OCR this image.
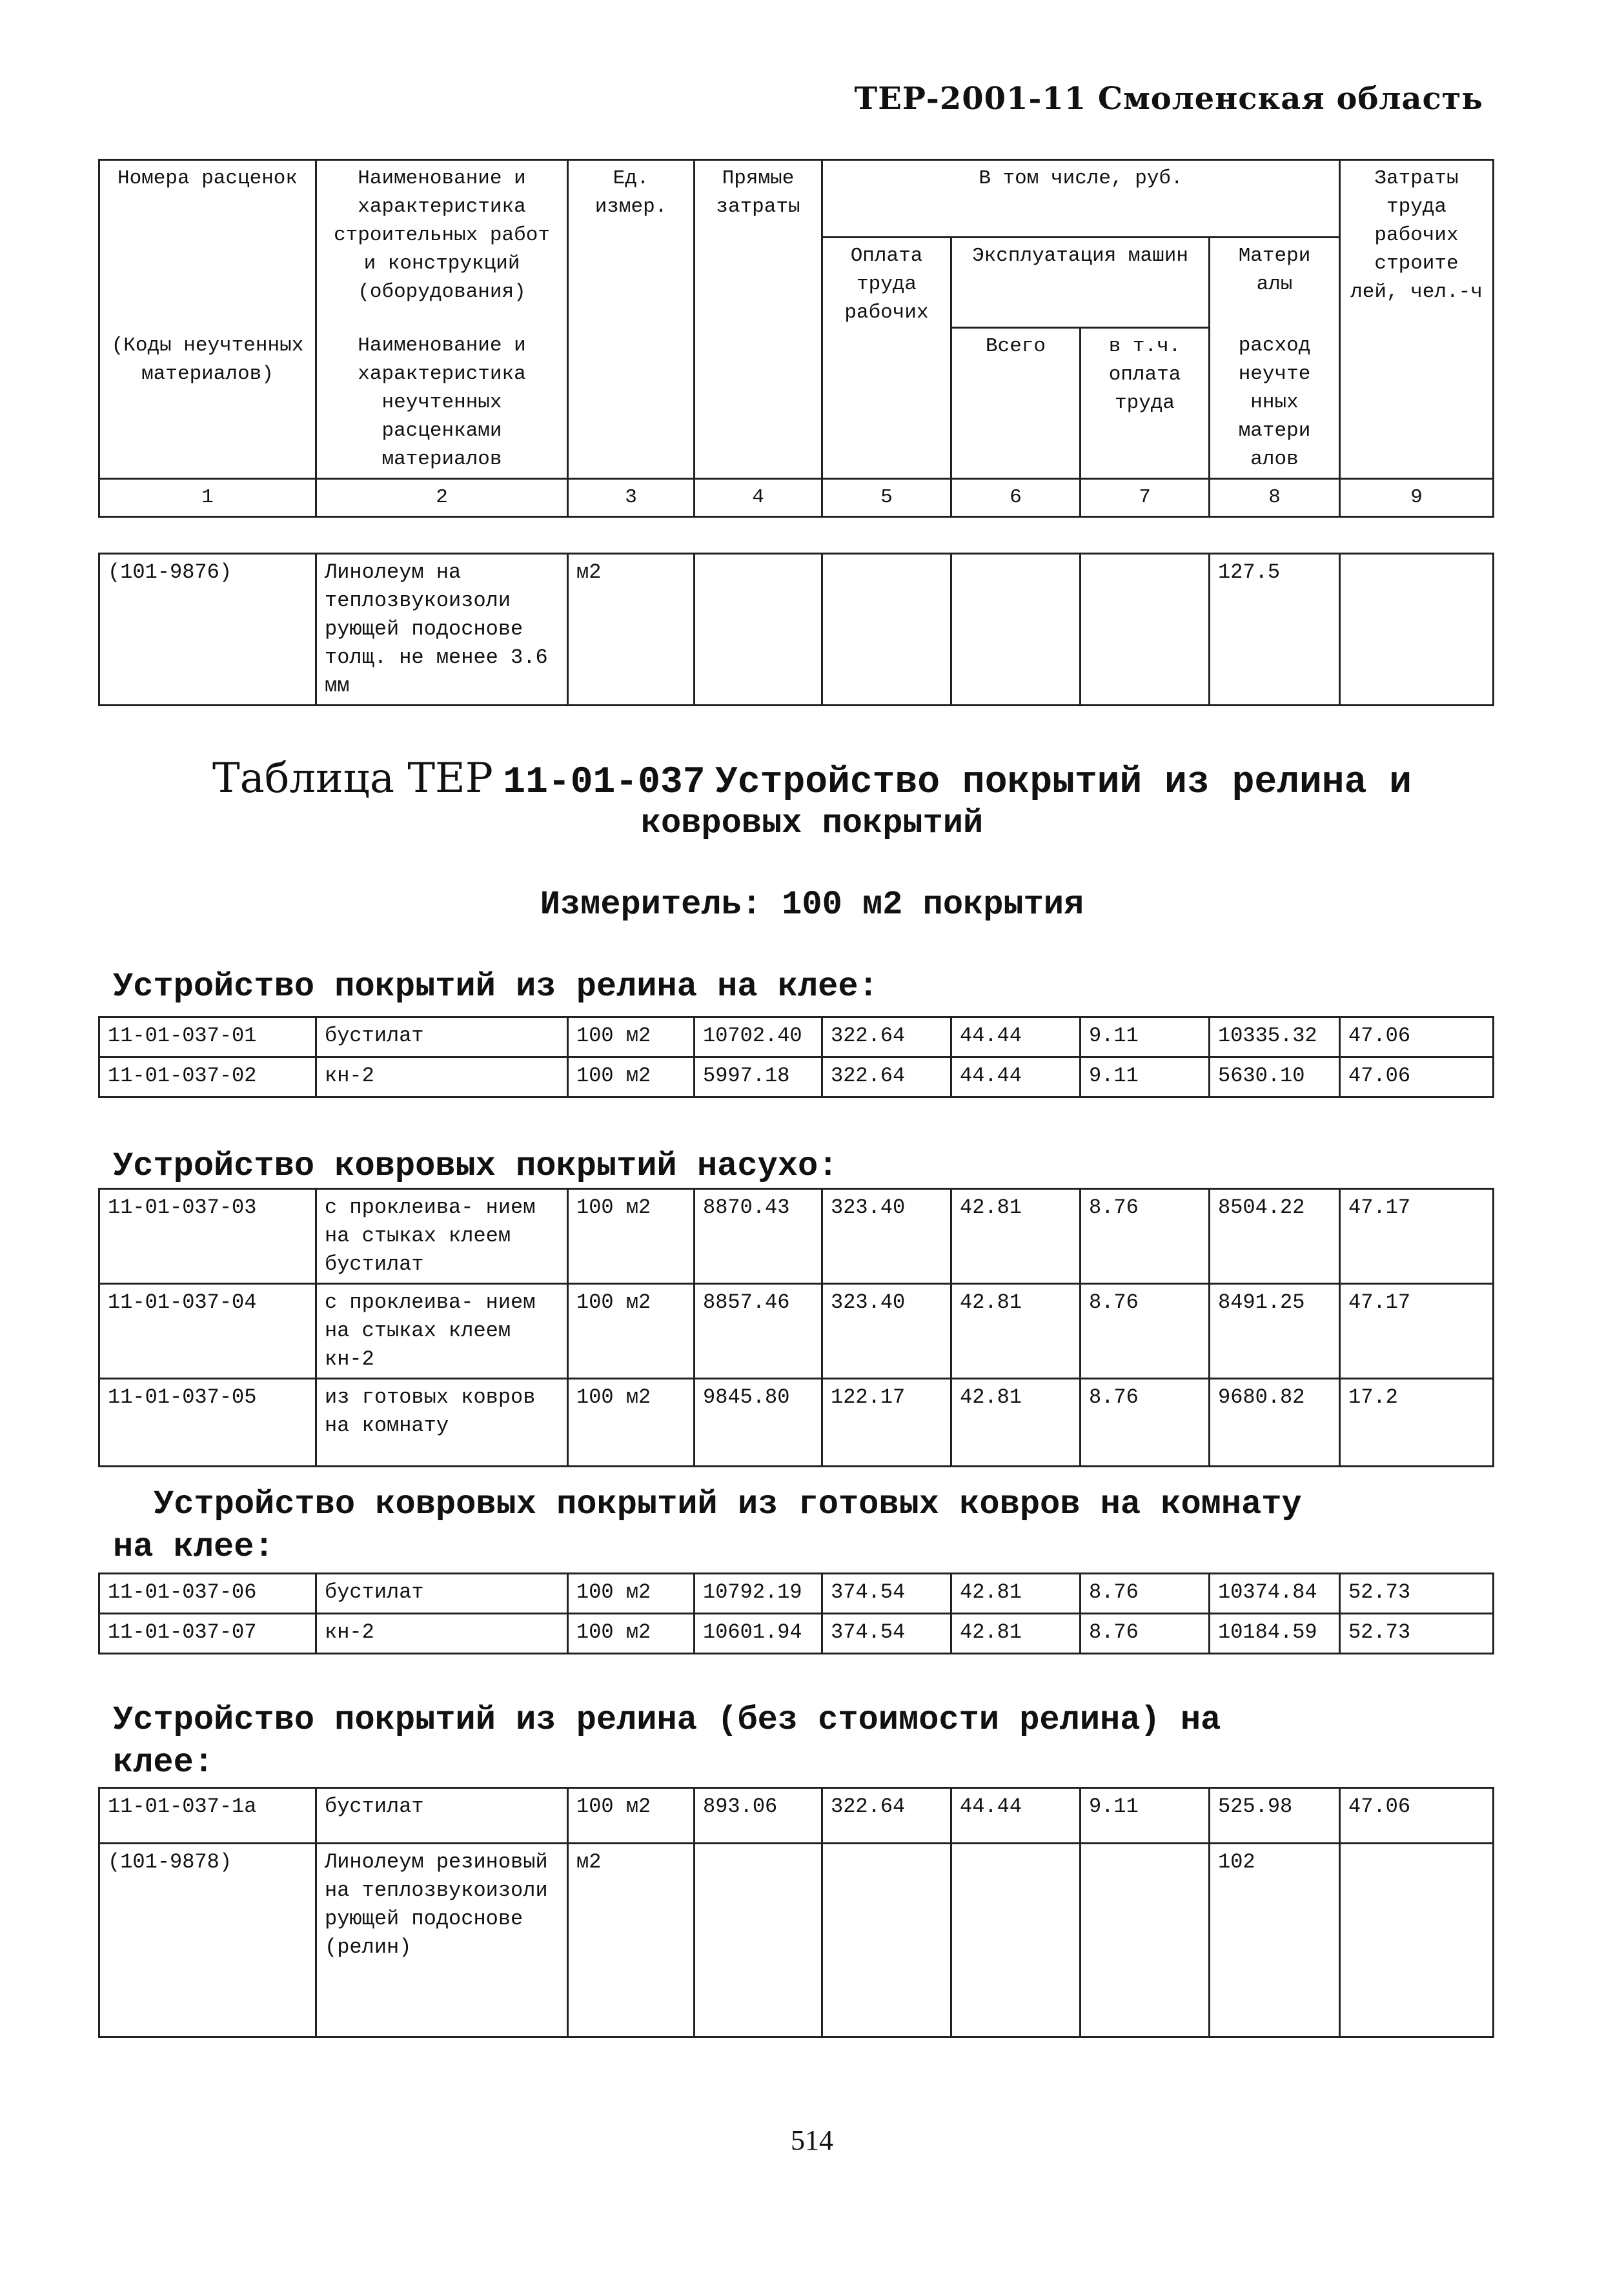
ТЕР-2001-11 Смоленская область
Номера расценок	Наименование и характеристика строительных работ и конструкций (оборудования)	Ед. измер.	Прямые затраты	В том числе, руб.				Затраты труда рабочих строите лей, чел.-ч
				Оплата труда рабочих	Эксплуатация машин		Матери алы	
(Коды неучтенных материалов)	Наименование и характеристика неучтенных расценками материалов				Всего	в т.ч. оплата труда	расход неучте нных матери алов	

1	2	3	4	5	6	7	8	9
(101-9876)	Линолеум на теплозвукоизоли рующей подоснове толщ. не менее 3.6 мм	м2					127.5	
Таблица ТЕР 11-01-037 Устройство покрытий из релина и
ковровых покрытий
Измеритель: 100 м2 покрытия
Устройство покрытий из релина на клее:
11-01-037-01	бустилат	100 м2	10702.40	322.64	44.44	9.11	10335.32	47.06
11-01-037-02	кн-2	100 м2	5997.18	322.64	44.44	9.11	5630.10	47.06
Устройство ковровых покрытий насухо:
11-01-037-03	с проклеива- нием на стыках клеем бустилат	100 м2	8870.43	323.40	42.81	8.76	8504.22	47.17
11-01-037-04	с проклеива- нием на стыках клеем кн-2	100 м2	8857.46	323.40	42.81	8.76	8491.25	47.17
11-01-037-05	из готовых ковров на комнату	100 м2	9845.80	122.17	42.81	8.76	9680.82	17.2
Устройство ковровых покрытий из готовых ковров на комнату
на клее:
11-01-037-06	бустилат	100 м2	10792.19	374.54	42.81	8.76	10374.84	52.73
11-01-037-07	кн-2	100 м2	10601.94	374.54	42.81	8.76	10184.59	52.73
Устройство покрытий из релина (без стоимости релина) на
клее:
11-01-037-1а	бустилат	100 м2	893.06	322.64	44.44	9.11	525.98	47.06
(101-9878)	Линолеум резиновый на теплозвукоизоли рующей подоснове (релин)	м2					102	
514
